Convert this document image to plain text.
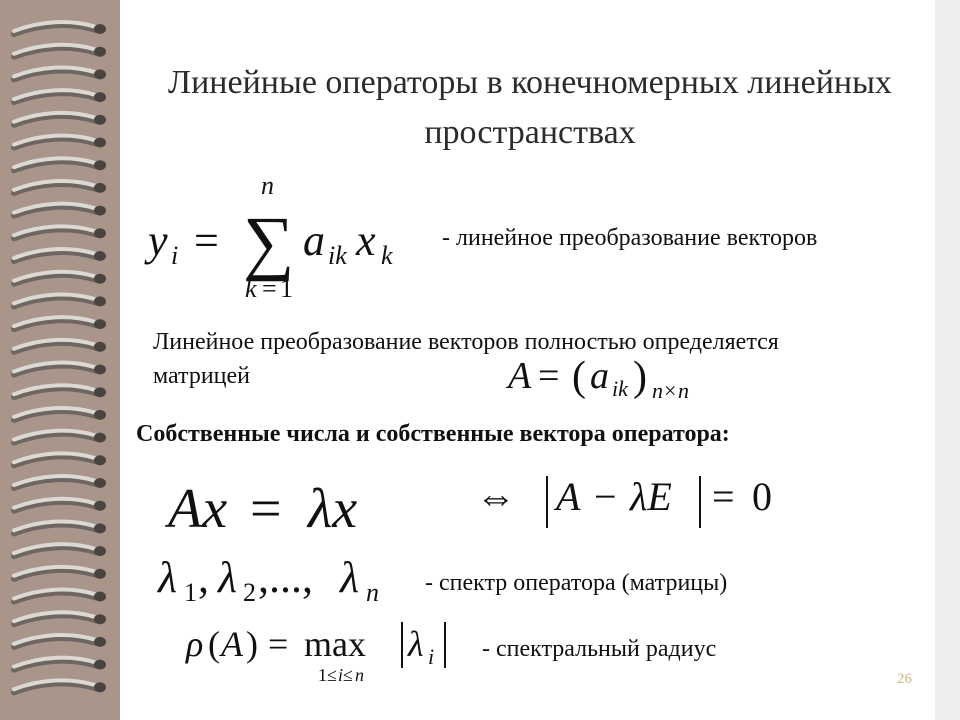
Линейные операторы в конечномерных линейных пространствах
y i = ∑
n
k = 1
a ik x k
- линейное преобразование векторов
Линейное преобразование векторов полностью определяется матрицей	A = ( a ik ) n × n
Собственные числа и собственные вектора оператора:
Ax = λx	⇔ A − λE = 0
λ 1 , λ 2 ,..., λ n - спектр оператора (матрицы)
ρ ( A ) = max
1≤ i ≤ n
λ i - спектральный радиус
26
